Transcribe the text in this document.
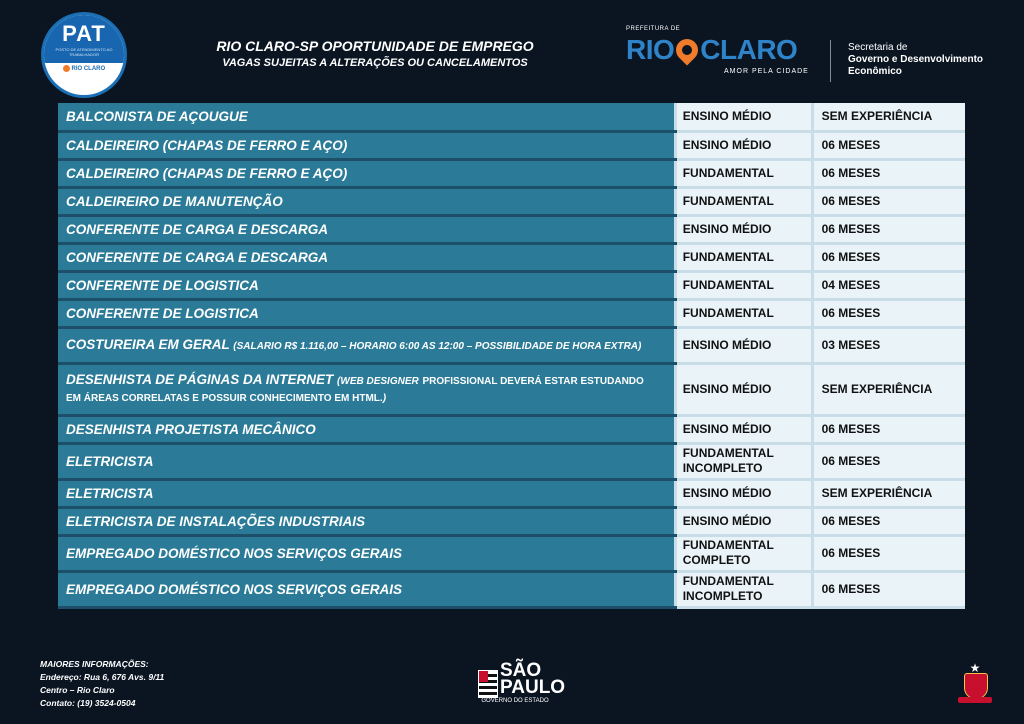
PAT
POSTO DE ATENDIMENTO AO TRABALHADOR
RIO CLARO
RIO CLARO-SP OPORTUNIDADE DE EMPREGO
VAGAS SUJEITAS A ALTERAÇÕES OU CANCELAMENTOS
PREFEITURA DE
RIO CLARO
AMOR PELA CIDADE
Secretaria de
Governo e Desenvolvimento
Econômico
BALCONISTA DE AÇOUGUE		ENSINO MÉDIO	SEM EXPERIÊNCIA
CALDEIREIRO (CHAPAS DE FERRO E AÇO)		ENSINO MÉDIO	06 MESES
CALDEIREIRO (CHAPAS DE FERRO E AÇO)		FUNDAMENTAL	06 MESES
CALDEIREIRO DE MANUTENÇÃO		FUNDAMENTAL	06 MESES
CONFERENTE DE CARGA E DESCARGA		ENSINO MÉDIO	06 MESES
CONFERENTE DE CARGA E DESCARGA		FUNDAMENTAL	06 MESES
CONFERENTE DE LOGISTICA		FUNDAMENTAL	04 MESES
CONFERENTE DE LOGISTICA		FUNDAMENTAL	06 MESES
COSTUREIRA EM GERAL (SALARIO R$ 1.116,00 – HORARIO 6:00 AS 12:00 – POSSIBILIDADE DE HORA EXTRA)		ENSINO MÉDIO	03 MESES
DESENHISTA DE PÁGINAS DA INTERNET (WEB DESIGNER PROFISSIONAL DEVERÁ ESTAR ESTUDANDO EM ÁREAS CORRELATAS E POSSUIR CONHECIMENTO EM HTML.)		ENSINO MÉDIO	SEM EXPERIÊNCIA
DESENHISTA PROJETISTA MECÂNICO		ENSINO MÉDIO	06 MESES
ELETRICISTA		FUNDAMENTAL INCOMPLETO	06 MESES
ELETRICISTA		ENSINO MÉDIO	SEM EXPERIÊNCIA
ELETRICISTA DE INSTALAÇÕES INDUSTRIAIS		ENSINO MÉDIO	06 MESES
EMPREGADO DOMÉSTICO NOS SERVIÇOS GERAIS		FUNDAMENTAL COMPLETO	06 MESES
EMPREGADO DOMÉSTICO NOS SERVIÇOS GERAIS		FUNDAMENTAL INCOMPLETO	06 MESES
MAIORES INFORMAÇÕES:
Endereço: Rua 6, 676 Avs. 9/11
Centro – Rio Claro
Contato: (19) 3524-0504
SÃO
PAULO
GOVERNO DO ESTADO
★
